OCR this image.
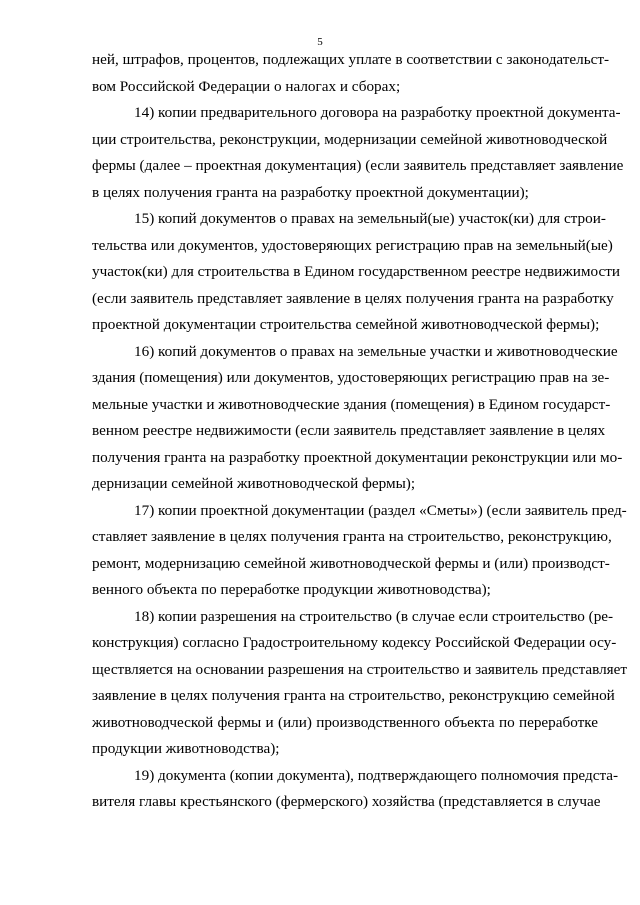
5
ней, штрафов, процентов, подлежащих уплате в соответствии с законодательст-
вом Российской Федерации о налогах и сборах;
14) копии предварительного договора на разработку проектной документа-
ции строительства, реконструкции, модернизации семейной животноводческой
фермы (далее – проектная документация) (если заявитель представляет заявление
в целях получения гранта на разработку проектной документации);
15) копий документов о правах на земельный(ые) участок(ки) для строи-
тельства или документов, удостоверяющих регистрацию прав на земельный(ые)
участок(ки) для строительства в Едином государственном реестре недвижимости
(если заявитель представляет заявление в целях получения гранта на разработку
проектной документации строительства семейной животноводческой фермы);
16) копий документов о правах на земельные участки и животноводческие
здания (помещения) или документов, удостоверяющих регистрацию прав на зе-
мельные участки и животноводческие здания (помещения) в Едином государст-
венном реестре недвижимости (если заявитель представляет заявление в целях
получения гранта на разработку проектной документации реконструкции или мо-
дернизации семейной животноводческой фермы);
17) копии проектной документации (раздел «Сметы») (если заявитель пред-
ставляет заявление в целях получения гранта на строительство, реконструкцию,
ремонт, модернизацию семейной животноводческой фермы и (или) производст-
венного объекта по переработке продукции животноводства);
18) копии разрешения на строительство (в случае если строительство (ре-
конструкция) согласно Градостроительному кодексу Российской Федерации осу-
ществляется на основании разрешения на строительство и заявитель представляет
заявление в целях получения гранта на строительство, реконструкцию семейной
животноводческой фермы и (или) производственного объекта по переработке
продукции животноводства);
19) документа (копии документа), подтверждающего полномочия предста-
вителя главы крестьянского (фермерского) хозяйства (представляется в случае
